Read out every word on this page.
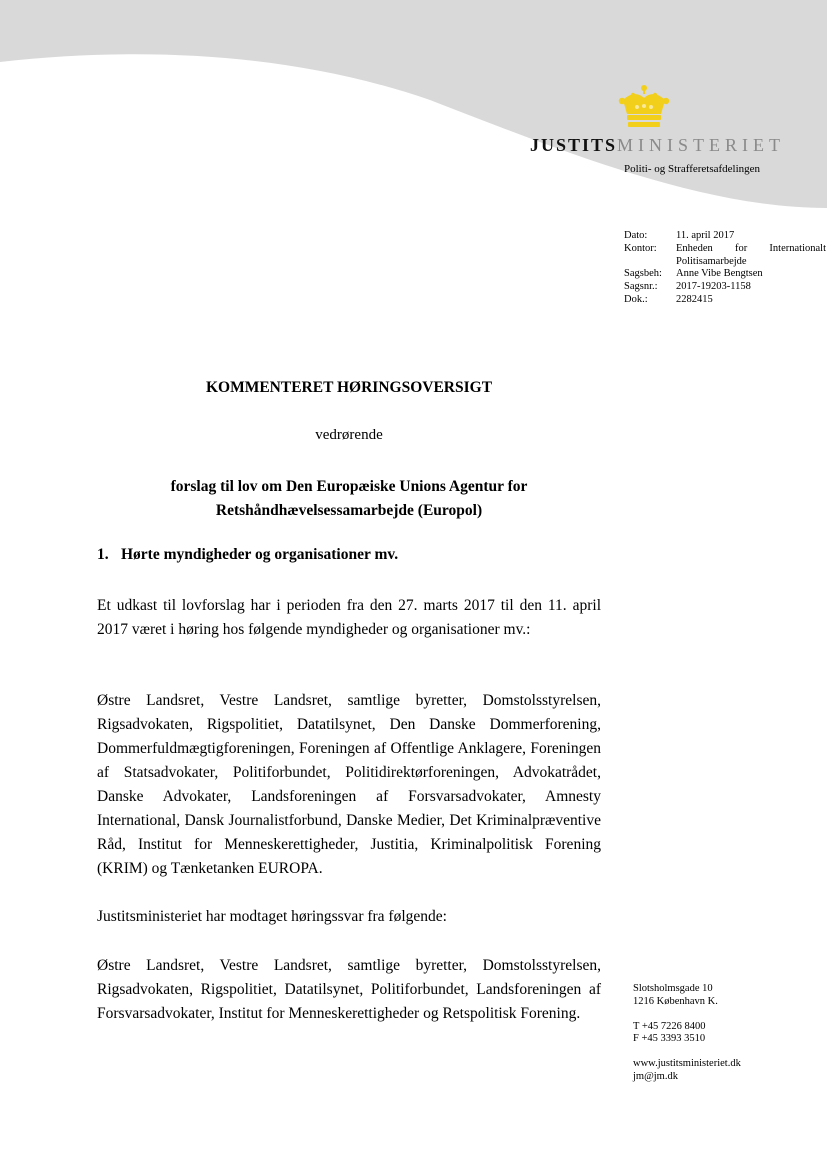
JUSTITSMINISTERIET
Politi- og Strafferetsafdelingen
Dato:	11. april 2017
Kontor:	Enheden for Internationalt Politisamarbejde
Sagsbeh:	Anne Vibe Bengtsen
Sagsnr.:	2017-19203-1158
Dok.:	2282415
KOMMENTERET HØRINGSOVERSIGT
vedrørende
forslag til lov om Den Europæiske Unions Agentur for Retshåndhævelsessamarbejde (Europol)
1. Hørte myndigheder og organisationer mv.
Et udkast til lovforslag har i perioden fra den 27. marts 2017 til den 11. april 2017 været i høring hos følgende myndigheder og organisationer mv.:
Østre Landsret, Vestre Landsret, samtlige byretter, Domstolsstyrelsen, Rigsadvokaten, Rigspolitiet, Datatilsynet, Den Danske Dommerforening, Dommerfuldmægtigforeningen, Foreningen af Offentlige Anklagere, Foreningen af Statsadvokater, Politiforbundet, Politidirektørforeningen, Advokatrådet, Danske Advokater, Landsforeningen af Forsvarsadvokater, Amnesty International, Dansk Journalistforbund, Danske Medier, Det Kriminalpræventive Råd, Institut for Menneskerettigheder, Justitia, Kriminalpolitisk Forening (KRIM) og Tænketanken EUROPA.
Justitsministeriet har modtaget høringssvar fra følgende:
Østre Landsret, Vestre Landsret, samtlige byretter, Domstolsstyrelsen, Rigsadvokaten, Rigspolitiet, Datatilsynet, Politiforbundet, Landsforeningen af Forsvarsadvokater, Institut for Menneskerettigheder og Retspolitisk Forening.
Slotsholmsgade 10
1216 København K.
T +45 7226 8400
F +45 3393 3510
www.justitsministeriet.dk
jm@jm.dk
